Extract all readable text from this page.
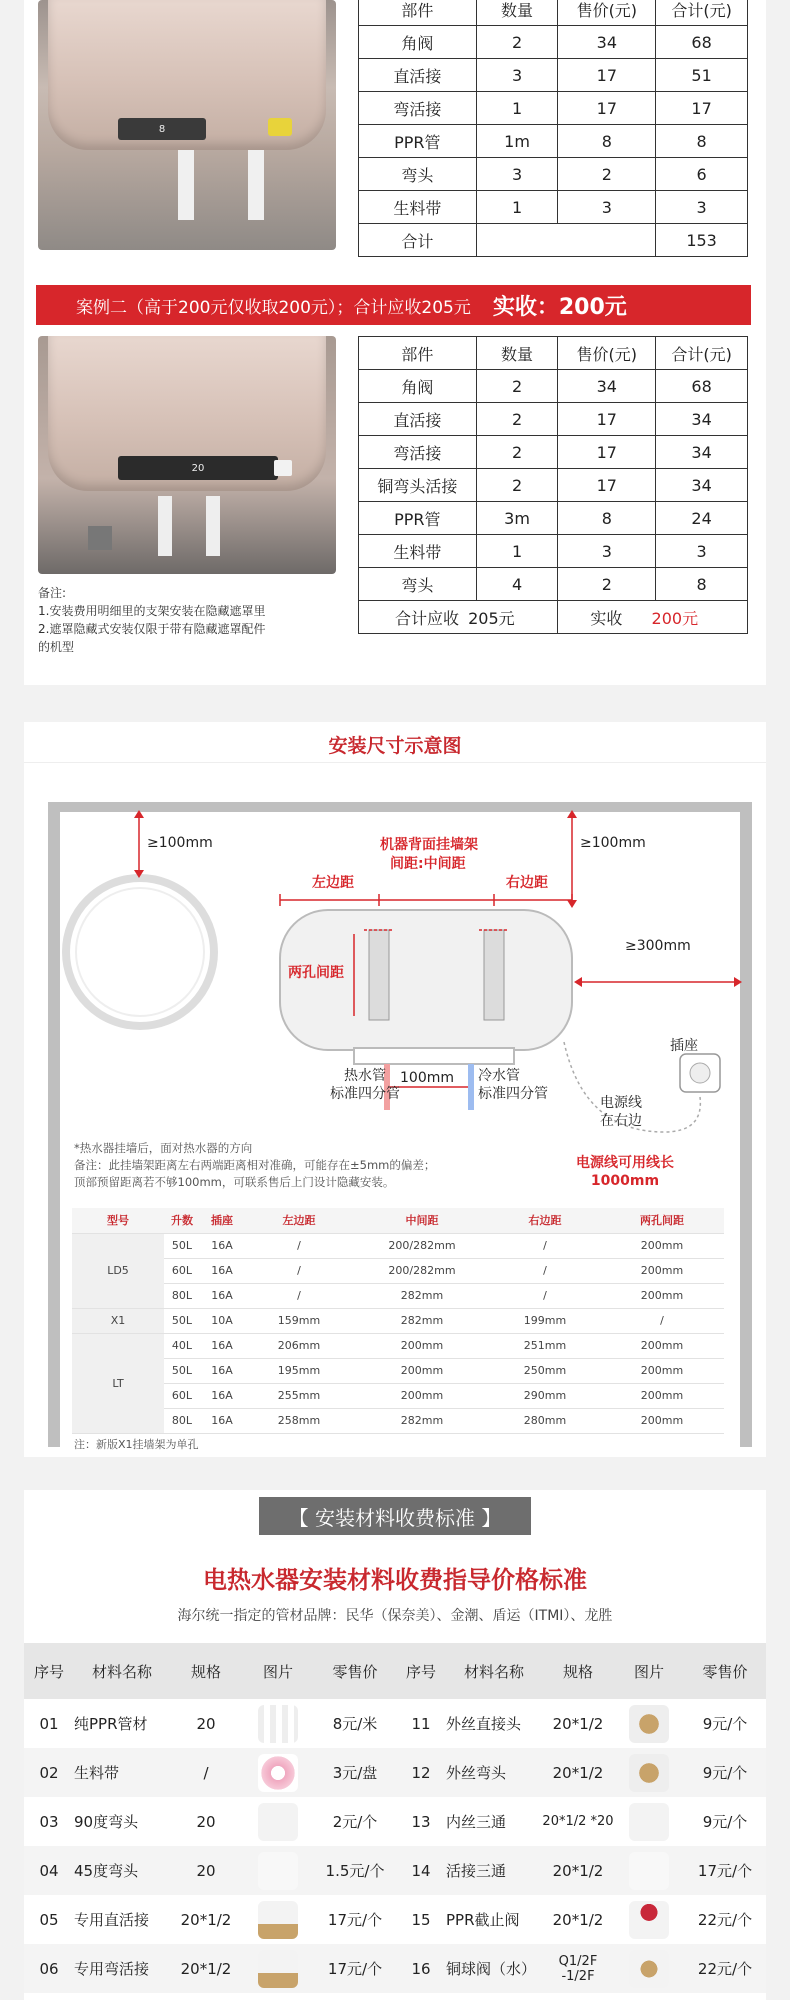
8
部件	数量	售价(元)	合计(元)
角阀	2	34	68
直活接	3	17	51
弯活接	1	17	17
PPR管	1m	8	8
弯头	3	2	6
生料带	1	3	3
合计			153
案例二（高于200元仅收取200元）；合计应收205元 实收：200元
20
备注:
1.安装费用明细里的支架安装在隐藏遮罩里
2.遮罩隐藏式安装仅限于带有隐藏遮罩配件
的机型
部件	数量	售价(元)	合计(元)
角阀	2	34	68
直活接	2	17	34
弯活接	2	17	34
铜弯头活接	2	17	34
PPR管	3m	8	24
生料带	1	3	3
弯头	4	2	8
合计应收 205元		实收 200元	
安装尺寸示意图
≥100mm	≥100mm
机器背面挂墙架
间距:中间距
左边距	右边距
两孔间距
≥300mm
热水管
标准四分管
100mm 冷水管
标准四分管
插座
电源线
在右边
电源线可用线长
1000mm
*热水器挂墙后，面对热水器的方向
备注：此挂墙架距离左右两端距离相对准确，可能存在±5mm的偏差；
顶部预留距离若不够100mm，可联系售后上门设计隐藏安装。
型号	升数	插座	左边距	中间距	右边距	两孔间距
LD5	50L	16A	/	200/282mm	/	200mm
	60L	16A	/	200/282mm	/	200mm
	80L	16A	/	282mm	/	200mm
X1	50L	10A	159mm	282mm	199mm	/
LT	40L	16A	206mm	200mm	251mm	200mm
	50L	16A	195mm	200mm	250mm	200mm
	60L	16A	255mm	200mm	290mm	200mm
	80L	16A	258mm	282mm	280mm	200mm
注：新版X1挂墙架为单孔
【 安装材料收费标准 】
电热水器安装材料收费指导价格标准
海尔统一指定的管材品牌：民华（保奈美）、金潮、盾运（ITMI）、龙胜
序号	材料名称	规格	图片	零售价	序号	材料名称	规格	图片	零售价
01	纯PPR管材	20		8元/米	11	外丝直接头	20*1/2		9元/个
02	生料带	/		3元/盘	12	外丝弯头	20*1/2		9元/个
03	90度弯头	20		2元/个	13	内丝三通	20*1/2 *20		9元/个
04	45度弯头	20		1.5元/个	14	活接三通	20*1/2		17元/个
05	专用直活接	20*1/2		17元/个	15	PPR截止阀	20*1/2		22元/个
06	专用弯活接	20*1/2		17元/个	16	铜球阀（水）	Q1/2F -1/2F		22元/个
